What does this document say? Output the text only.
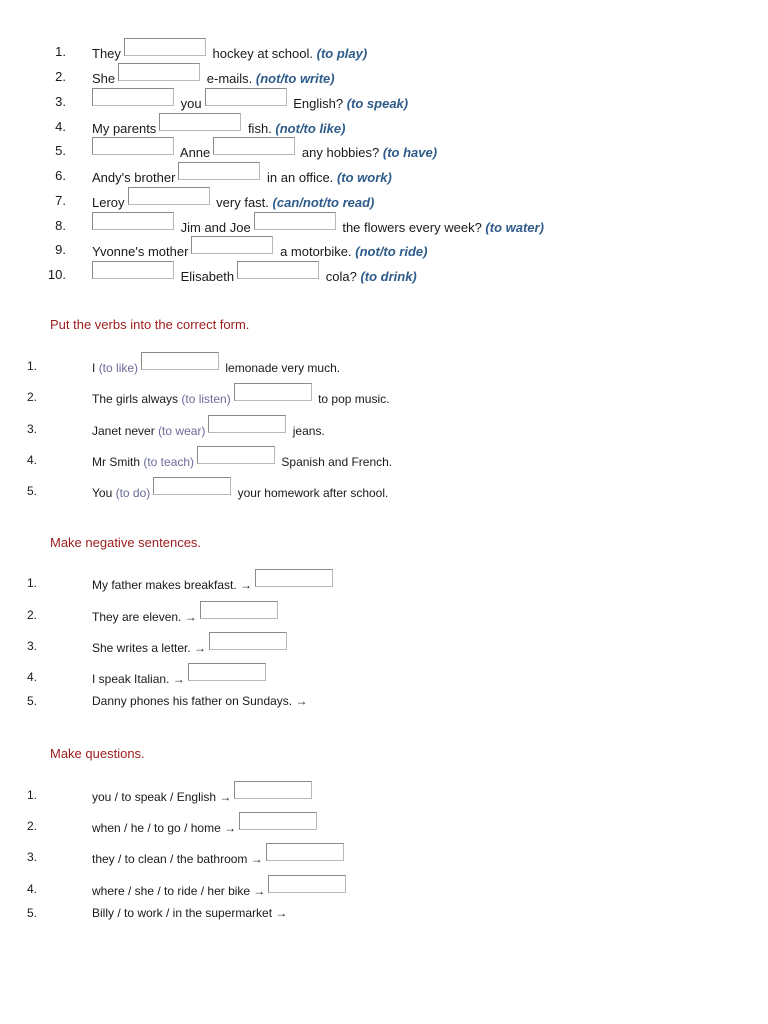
1. They	hockey at school. (to play)
2. She	e-mails. (not/to write)
3.	you	English? (to speak)
4. My parents	fish. (not/to like)
5.	Anne	any hobbies? (to have)
6. Andy's brother	in an office. (to work)
7. Leroy	very fast. (can/not/to read)
8.	Jim and Joe	the flowers every week? (to water)
9. Yvonne's mother	a motorbike. (not/to ride)
10.	Elisabeth	cola? (to drink)
Put the verbs into the correct form.
1.	I (to like)	lemonade very much.
2.	The girls always (to listen)	to pop music.
3.	Janet never (to wear)	jeans.
4.	Mr Smith (to teach)	Spanish and French.
5.	You (to do)	your homework after school.
Make negative sentences.
1.	My father makes breakfast. →
2.	They are eleven. →
3.	She writes a letter. →
4.	I speak Italian. →
5.	Danny phones his father on Sundays. →
Make questions.
1.	you / to speak / English →
2.	when / he / to go / home →
3.	they / to clean / the bathroom →
4.	where / she / to ride / her bike →
5.	Billy / to work / in the supermarket →
